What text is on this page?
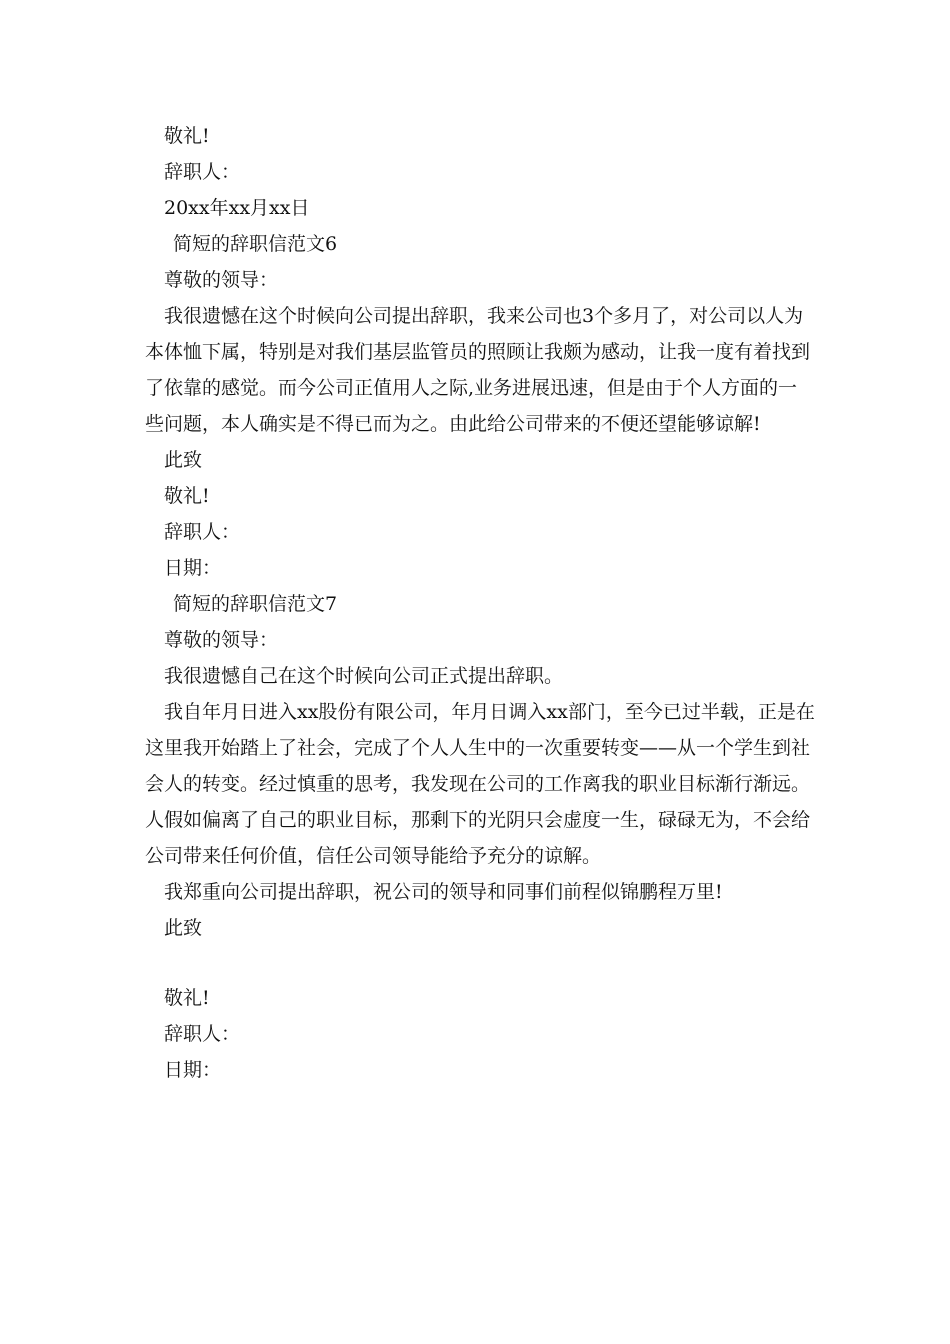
敬礼!
辞职人：
20xx年xx月xx日
简短的辞职信范文6
尊敬的领导：

我很遗憾在这个时候向公司提出辞职，我来公司也3个多月了，对公司以人为本体恤下属，特别是对我们基层监管员的照顾让我颇为感动，让我一度有着找到了依靠的感觉。而今公司正值用人之际,业务进展迅速，但是由于个人方面的一些问题，本人确实是不得已而为之。由此给公司带来的不便还望能够谅解!

此致
敬礼!
辞职人：
日期：
简短的辞职信范文7
尊敬的领导：

我很遗憾自己在这个时候向公司正式提出辞职。

我自年月日进入xx股份有限公司，年月日调入xx部门，至今已过半载，正是在这里我开始踏上了社会，完成了个人人生中的一次重要转变——从一个学生到社会人的转变。经过慎重的思考，我发现在公司的工作离我的职业目标渐行渐远。人假如偏离了自己的职业目标，那剩下的光阴只会虚度一生，碌碌无为，不会给公司带来任何价值，信任公司领导能给予充分的谅解。

我郑重向公司提出辞职，祝公司的领导和同事们前程似锦鹏程万里!

此致
敬礼!
辞职人：
日期：
